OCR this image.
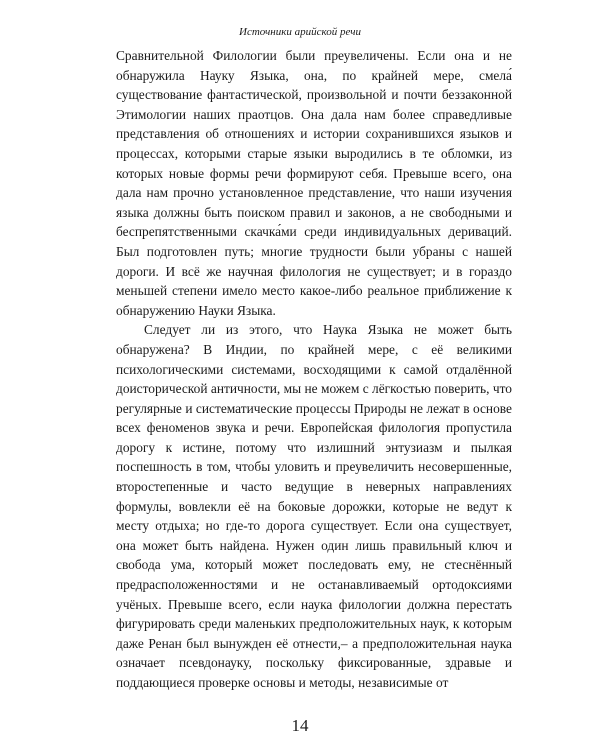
Источники арийской речи

Сравнительной Филологии были преувеличены. Если она и не обнаружила Науку Языка, она, по крайней мере, смела́ существование фантастической, произвольной и почти беззаконной Этимологии наших праотцов. Она дала нам более справедливые представления об отношениях и истории сохранившихся языков и процессах, которыми старые языки выродились в те обломки, из которых новые формы речи формируют себя. Превыше всего, она дала нам прочно установленное представление, что наши изучения языка должны быть поиском правил и законов, а не свободными и беспрепятственными скачка́ми среди индивидуальных дериваций. Был подготовлен путь; многие трудности были убраны с нашей дороги. И всё же научная филология не существует; и в гораздо меньшей степени имело место какое-либо реальное приближение к обнаружению Науки Языка.

Следует ли из этого, что Наука Языка не может быть обнаружена? В Индии, по крайней мере, с её великими психологическими системами, восходящими к самой отдалённой доисторической античности, мы не можем с лёгкостью поверить, что регулярные и систематические процессы Природы не лежат в основе всех феноменов звука и речи. Европейская филология пропустила дорогу к истине, потому что излишний энтузиазм и пылкая поспешность в том, чтобы уловить и преувеличить несовершенные, второстепенные и часто ведущие в неверных направлениях формулы, вовлекли её на боковые дорожки, которые не ведут к месту отдыха; но где-то дорога существует. Если она существует, она может быть найдена. Нужен один лишь правильный ключ и свобода ума, который может последовать ему, не стеснённый предрасположенностями и не останавливаемый ортодоксиями учёных. Превыше всего, если наука филологии должна перестать фигурировать среди маленьких предположительных наук, к которым даже Ренан был вынужден её отнести,– а предположительная наука означает псевдонауку, поскольку фиксированные, здравые и поддающиеся проверке основы и методы, независимые от

14
